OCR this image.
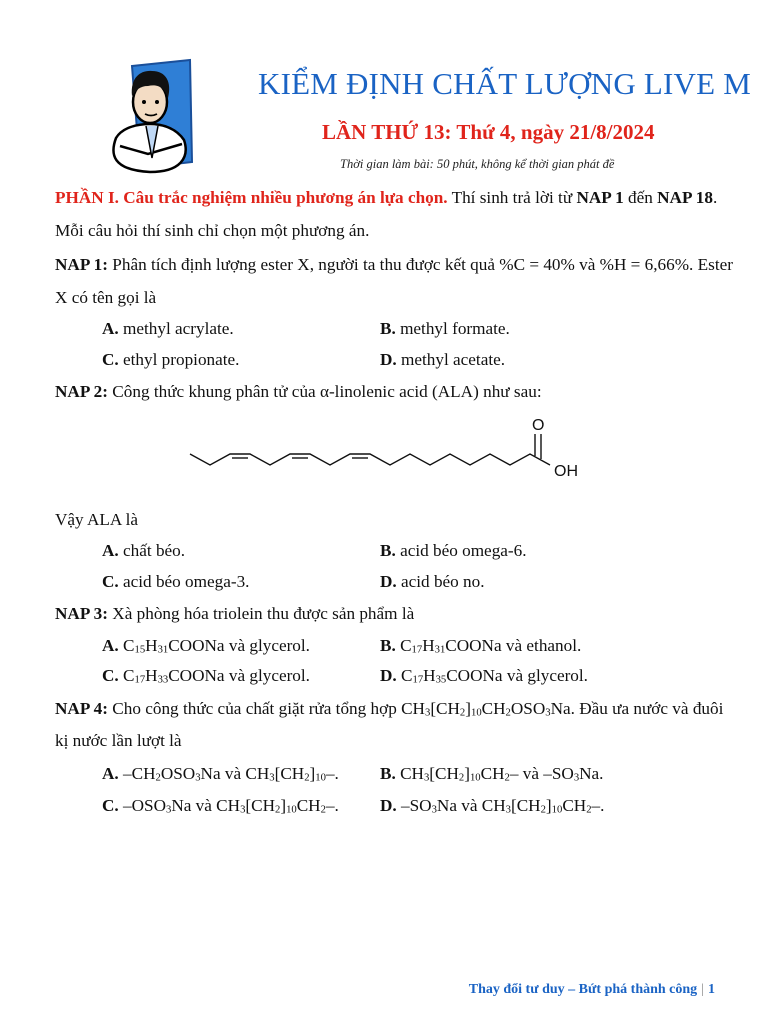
KIỂM ĐỊNH CHẤT LƯỢNG LIVE M
LẦN THỨ 13: Thứ 4, ngày 21/8/2024
Thời gian làm bài: 50 phút, không kể thời gian phát đề
PHẦN I. Câu trắc nghiệm nhiều phương án lựa chọn. Thí sinh trả lời từ NAP 1 đến NAP 18.
Mỗi câu hỏi thí sinh chỉ chọn một phương án.
NAP 1: Phân tích định lượng ester X, người ta thu được kết quả %C = 40% và %H = 6,66%. Ester
X có tên gọi là
A. methyl acrylate.	B. methyl formate.
C. ethyl propionate.	D. methyl acetate.
NAP 2: Công thức khung phân tử của α-linolenic acid (ALA) như sau:
O
OH
Vậy ALA là
A. chất béo.	B. acid béo omega-6.
C. acid béo omega-3.	D. acid béo no.
NAP 3: Xà phòng hóa triolein thu được sản phẩm là
A. $C_{15}H_{31}COONa$ và glycerol.	B. $C_{17}H_{31}COONa$ và ethanol.
C. $C_{17}H_{33}COONa$ và glycerol.	D. $C_{17}H_{35}COONa$ và glycerol.
NAP 4: Cho công thức của chất giặt rửa tổng hợp $CH_3[CH_2]_{10}CH_2OSO_3Na$. Đầu ưa nước và đuôi
kị nước lần lượt là
A. $-CH_2OSO_3Na$ và $CH_3[CH_2]_{10}-$. B. $CH_3[CH_2]_{10}CH_2-$ và $-SO_3Na$.
C. $-OSO_3Na$ và $CH_3[CH_2]_{10}CH_2-$. D. $-SO_3Na$ và $CH_3[CH_2]_{10}CH_2-$.
Thay đổi tư duy – Bứt phá thành công | 1
